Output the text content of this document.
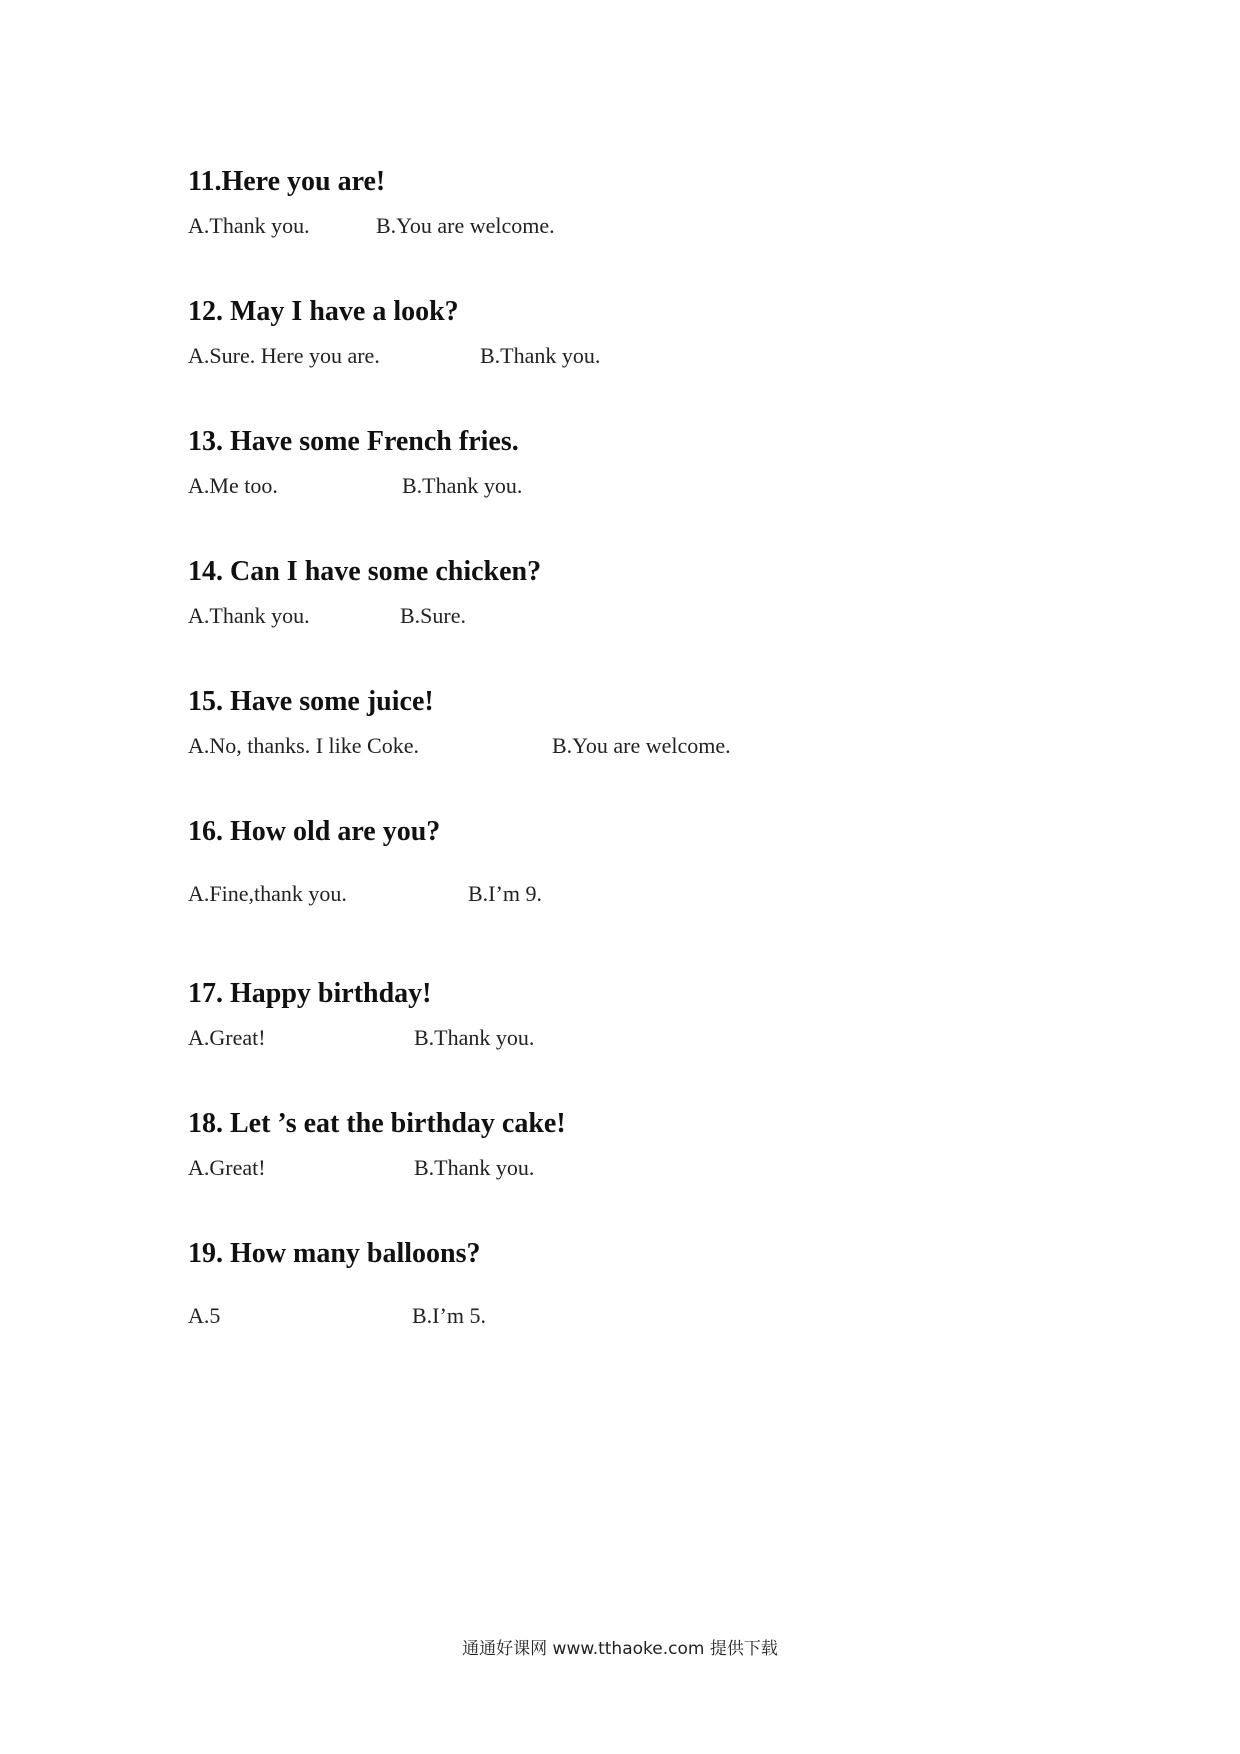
11.Here you are!
A.Thank you.	B.You are welcome.
12. May I have a look?
A.Sure. Here you are.	B.Thank you.
13. Have some French fries.
A.Me too.	B.Thank you.
14. Can I have some chicken?
A.Thank you.	B.Sure.
15. Have some juice!
A.No, thanks. I like Coke.	B.You are welcome.
16. How old are you?
A.Fine,thank you.	B.I’m 9.
17. Happy birthday!
A.Great!	B.Thank you.
18. Let ’s eat the birthday cake!
A.Great!	B.Thank you.
19. How many balloons?
A.5	B.I’m 5.
通通好课网 www.tthaoke.com 提供下载
